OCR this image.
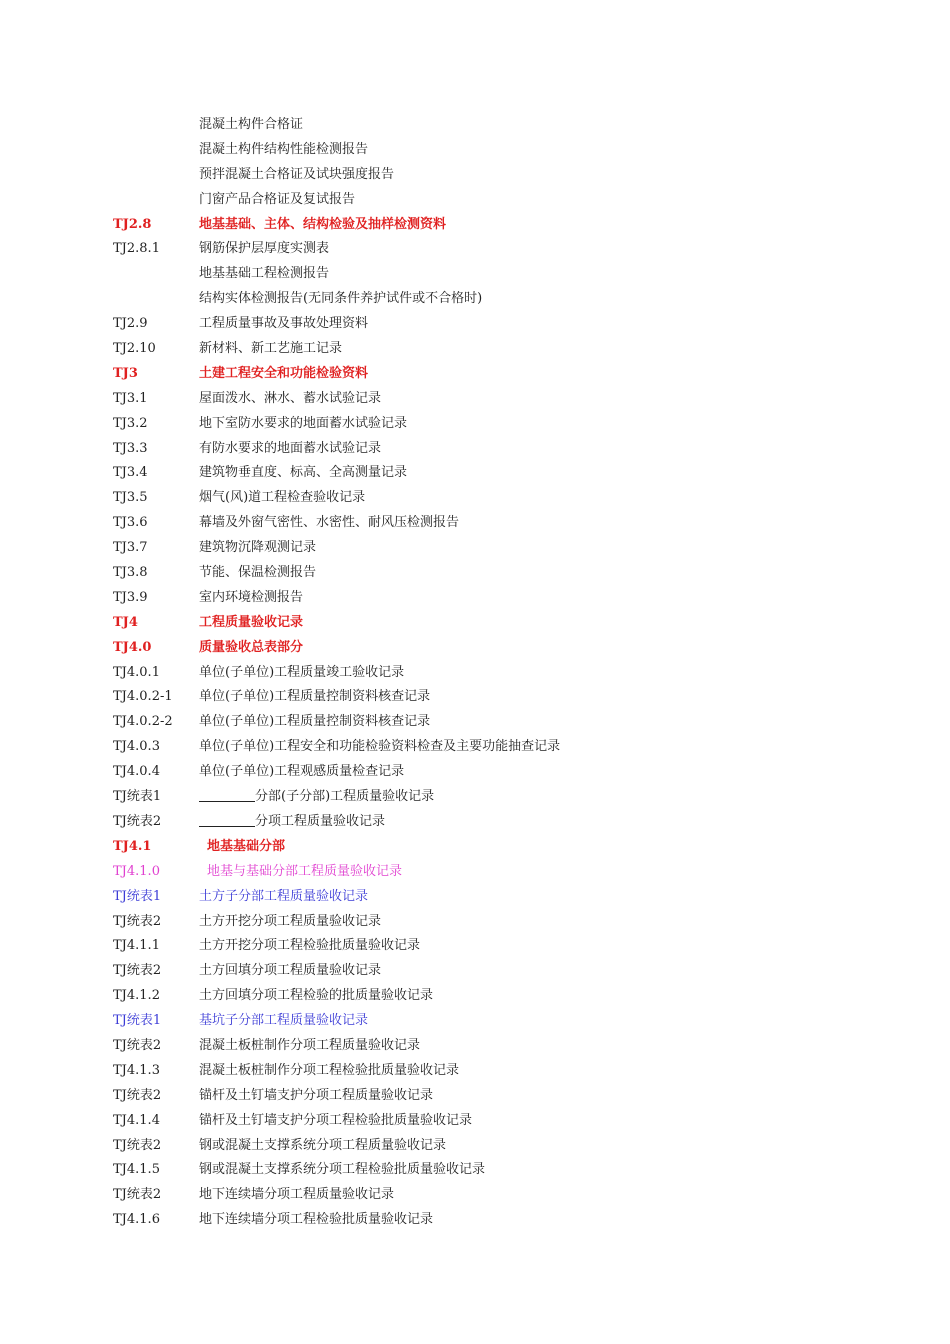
混凝土构件合格证
混凝土构件结构性能检测报告
预拌混凝土合格证及试块强度报告
门窗产品合格证及复试报告
TJ2.8	地基基础、主体、结构检验及抽样检测资料
TJ2.8.1	钢筋保护层厚度实测表
地基基础工程检测报告
结构实体检测报告(无同条件养护试件或不合格时)
TJ2.9	工程质量事故及事故处理资料
TJ2.10	新材料、新工艺施工记录
TJ3	土建工程安全和功能检验资料
TJ3.1	屋面泼水、淋水、蓄水试验记录
TJ3.2	地下室防水要求的地面蓄水试验记录
TJ3.3	有防水要求的地面蓄水试验记录
TJ3.4	建筑物垂直度、标高、全高测量记录
TJ3.5	烟气(风)道工程检查验收记录
TJ3.6	幕墙及外窗气密性、水密性、耐风压检测报告
TJ3.7	建筑物沉降观测记录
TJ3.8	节能、保温检测报告
TJ3.9	室内环境检测报告
TJ4	工程质量验收记录
TJ4.0	质量验收总表部分
TJ4.0.1	单位(子单位)工程质量竣工验收记录
TJ4.0.2-1 单位(子单位)工程质量控制资料核查记录
TJ4.0.2-2 单位(子单位)工程质量控制资料核查记录
TJ4.0.3	单位(子单位)工程安全和功能检验资料检查及主要功能抽查记录
TJ4.0.4	单位(子单位)工程观感质量检查记录
TJ统表1	分部(子分部)工程质量验收记录
TJ统表2	分项工程质量验收记录
TJ4.1	地基基础分部
TJ4.1.0	地基与基础分部工程质量验收记录
TJ统表1	土方子分部工程质量验收记录
TJ统表2	土方开挖分项工程质量验收记录
TJ4.1.1	土方开挖分项工程检验批质量验收记录
TJ统表2	土方回填分项工程质量验收记录
TJ4.1.2	土方回填分项工程检验的批质量验收记录
TJ统表1	基坑子分部工程质量验收记录
TJ统表2	混凝土板桩制作分项工程质量验收记录
TJ4.1.3	混凝土板桩制作分项工程检验批质量验收记录
TJ统表2	锚杆及土钉墙支护分项工程质量验收记录
TJ4.1.4	锚杆及土钉墙支护分项工程检验批质量验收记录
TJ统表2	钢或混凝土支撑系统分项工程质量验收记录
TJ4.1.5	钢或混凝土支撑系统分项工程检验批质量验收记录
TJ统表2	地下连续墙分项工程质量验收记录
TJ4.1.6	地下连续墙分项工程检验批质量验收记录
